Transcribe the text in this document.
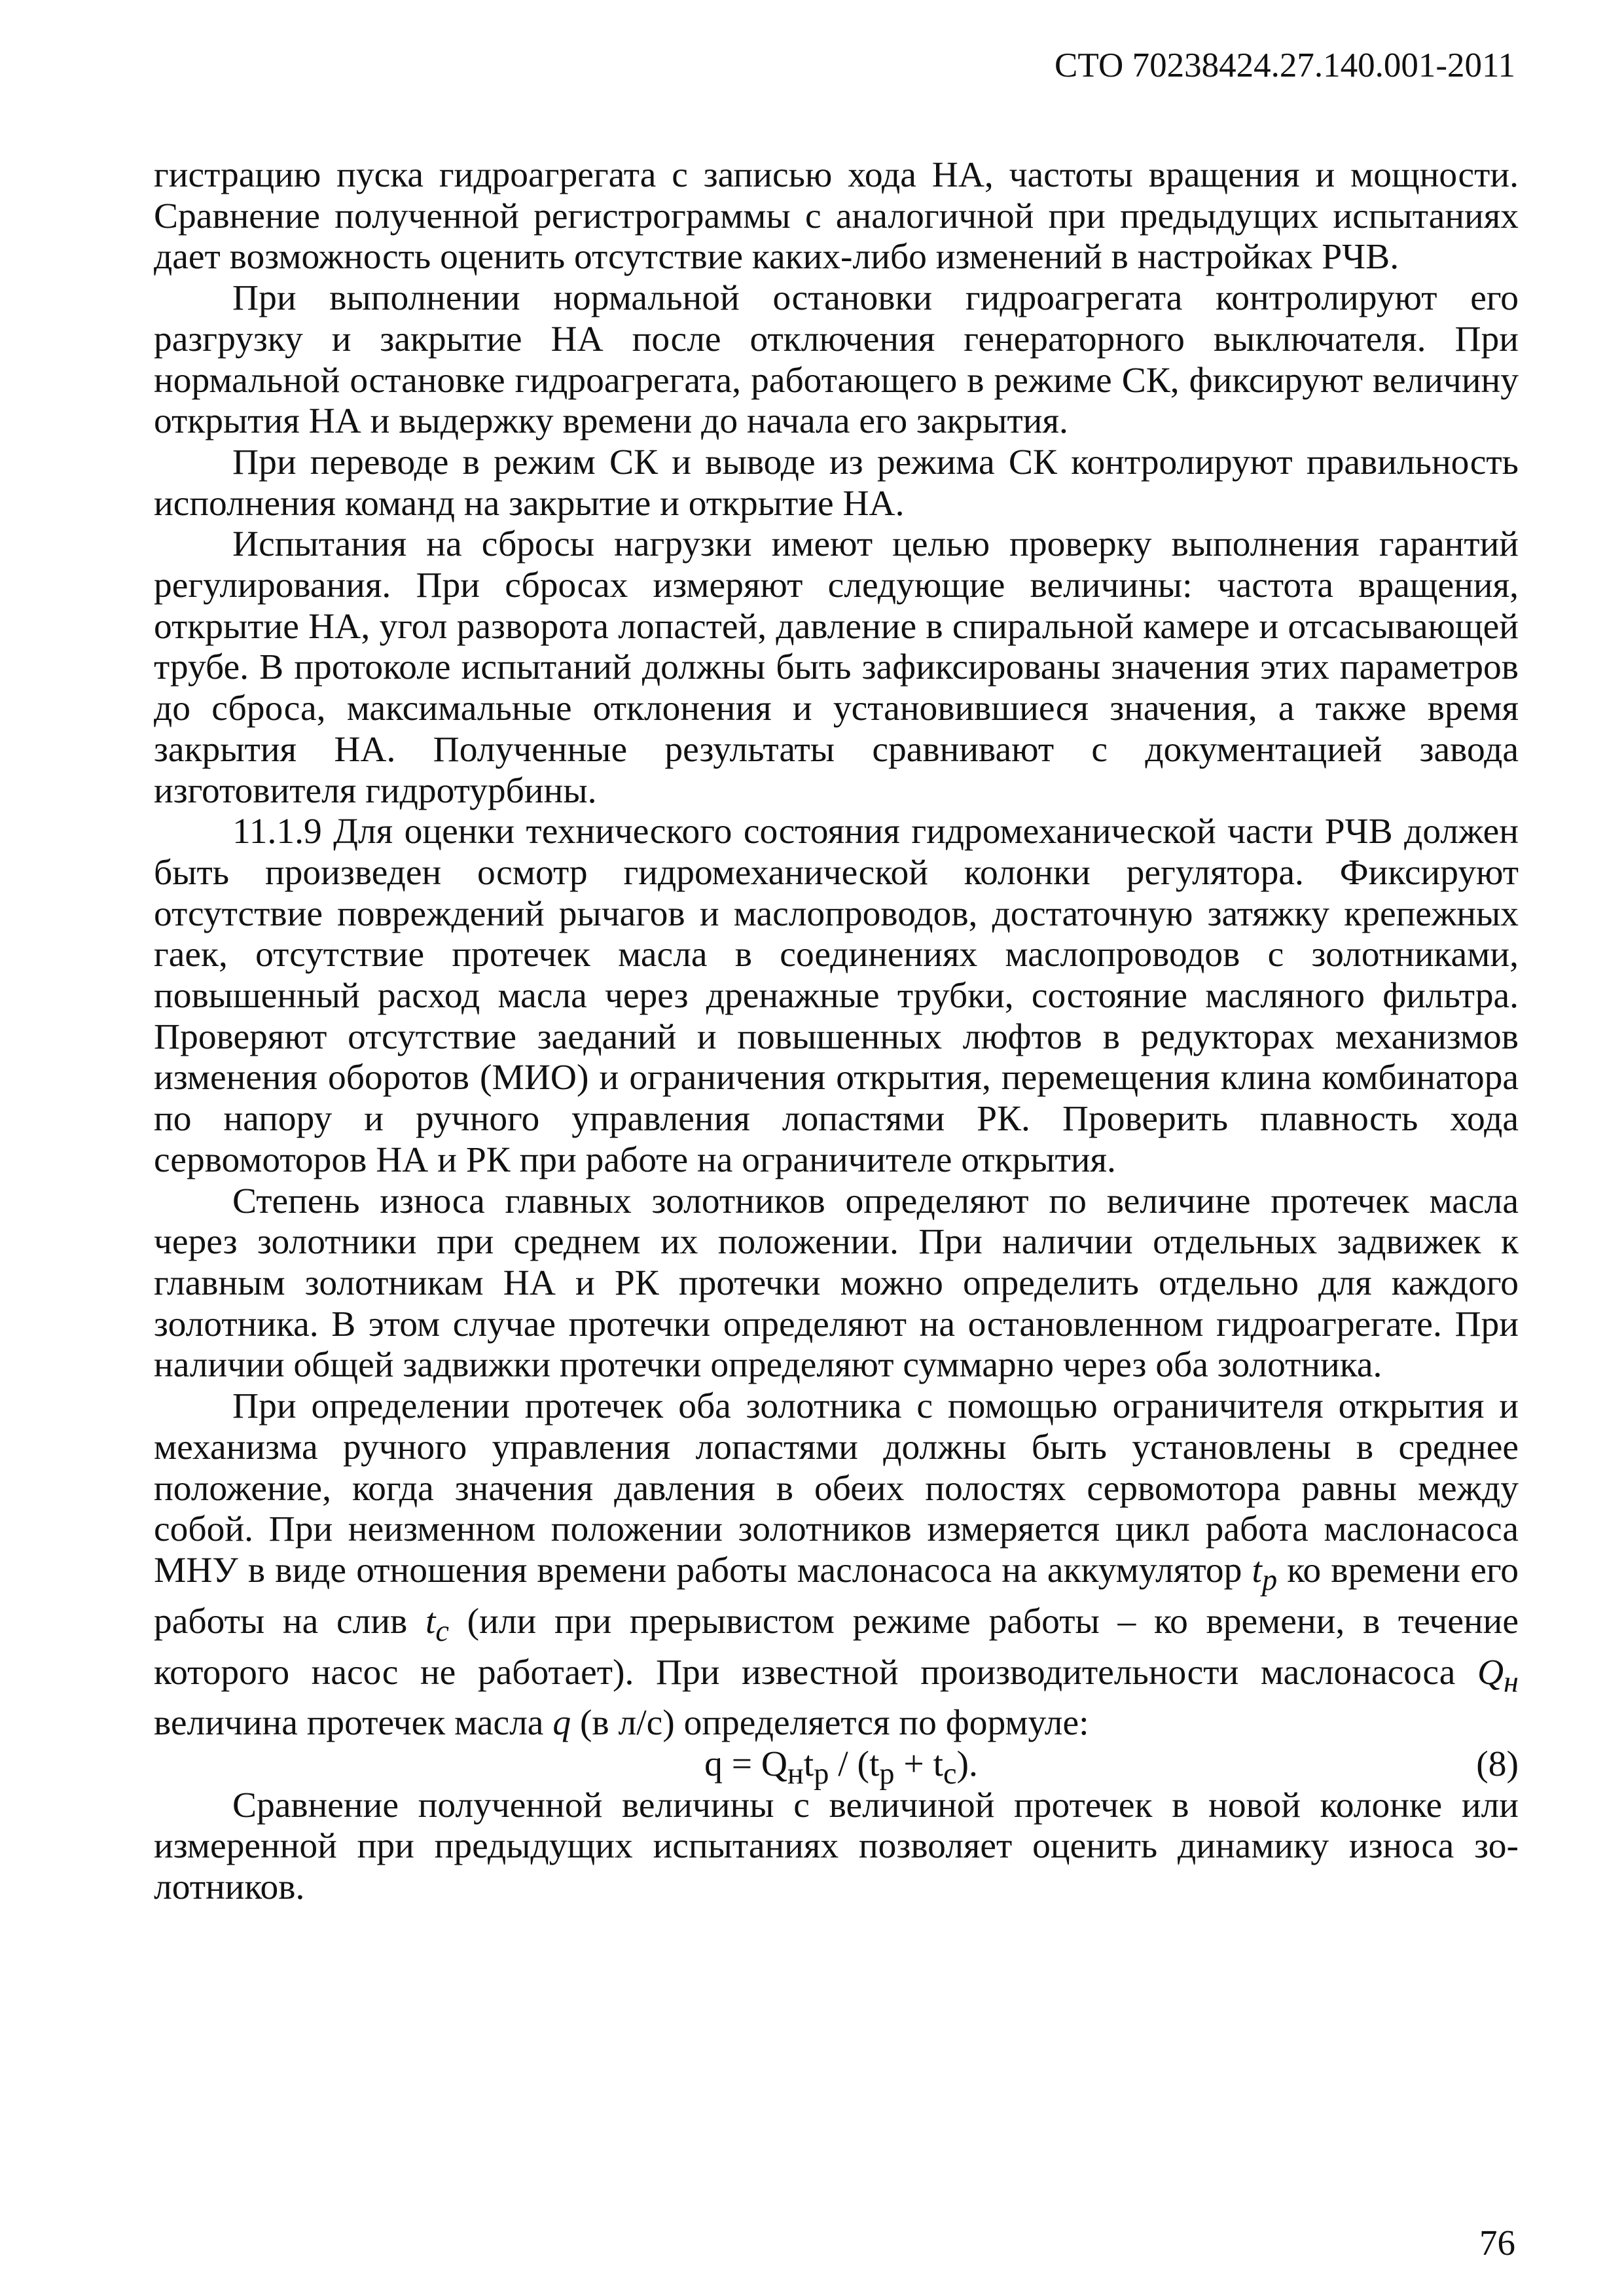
СТО 70238424.27.140.001-2011

гистрацию пуска гидроагрегата с записью хода НА, частоты вращения и мощности. Сравнение полученной регистрограммы с аналогичной при предыдущих испытаниях дает возможность оценить отсутствие каких-либо изменений в настройках РЧВ.

При выполнении нормальной остановки гидроагрегата контролируют его разгрузку и закрытие НА после отключения генераторного выключателя. При нормальной остановке гидроагрегата, работающего в режиме СК, фиксируют величину открытия НА и выдержку времени до начала его закрытия.

При переводе в режим СК и выводе из режима СК контролируют правильность исполнения команд на закрытие и открытие НА.

Испытания на сбросы нагрузки имеют целью проверку выполнения гарантий регулирования. При сбросах измеряют следующие величины: частота вращения, открытие НА, угол разворота лопастей, давление в спиральной камере и отсасывающей трубе. В протоколе испытаний должны быть зафиксированы значения этих параметров до сброса, максимальные отклонения и установившиеся значения, а также время закрытия НА. Полученные результаты сравнивают с документацией завода изготовителя гидротурбины.

11.1.9 Для оценки технического состояния гидромеханической части РЧВ должен быть произведен осмотр гидромеханической колонки регулятора. Фиксируют отсутствие повреждений рычагов и маслопроводов, достаточную затяжку крепежных гаек, отсутствие протечек масла в соединениях маслопроводов с золотниками, повышенный расход масла через дренажные трубки, состояние масляного фильтра. Проверяют отсутствие заеданий и повышенных люфтов в редукторах механизмов изменения оборотов (МИО) и ограничения открытия, перемещения клина комбинатора по напору и ручного управления лопастями РК. Проверить плавность хода сервомоторов НА и РК при работе на ограничителе открытия.

Степень износа главных золотников определяют по величине протечек масла через золотники при среднем их положении. При наличии отдельных задвижек к главным золотникам НА и РК протечки можно определить отдельно для каждого золотника. В этом случае протечки определяют на остановленном гидроагрегате. При наличии общей задвижки протечки определяют суммарно через оба золотника.

При определении протечек оба золотника с помощью ограничителя открытия и механизма ручного управления лопастями должны быть установлены в среднее положение, когда значения давления в обеих полостях сервомотора равны между собой. При неизменном положении золотников измеряется цикл работа маслонасоса МНУ в виде отношения времени работы маслонасоса на аккумулятор $t_р$ ко времени его работы на слив $t_с$ (или при прерывистом режиме работы – ко времени, в течение которого насос не работает). При известной производительности маслонасоса $Q_н$ величина протечек масла q (в л/с) определяется по формуле:

$q = Q_нt_р / (t_р + t_с)$.	(8)

Сравнение полученной величины с величиной протечек в новой колонке или измеренной при предыдущих испытаниях позволяет оценить динамику износа золотников.

76
